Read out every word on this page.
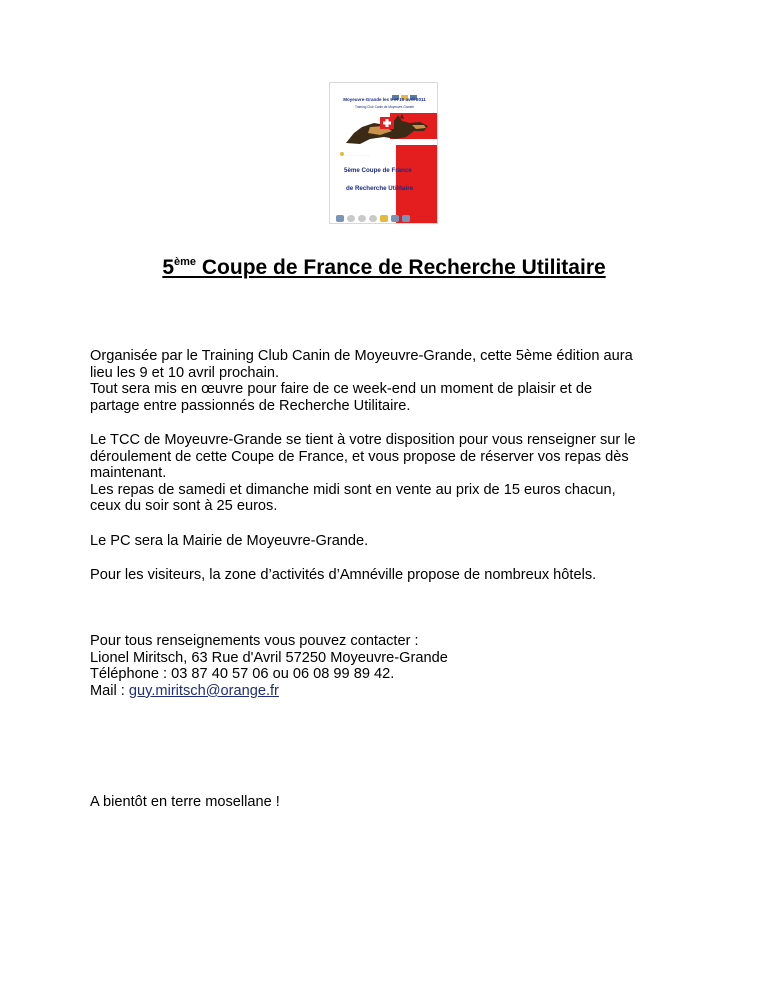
Moyeuvre-Grande les 9 et 10 avril 2011
Training Club Canin de Moyeuvre-Grande
· · · · · · · · · · · · · ·
5ème Coupe de France
de Recherche Utilitaire
5ème Coupe de France de Recherche Utilitaire

Organisée par le Training Club Canin de Moyeuvre-Grande, cette 5ème édition aura

lieu les 9 et 10 avril prochain.

Tout sera mis en œuvre pour faire de ce week-end un moment de plaisir et de

partage entre passionnés de Recherche Utilitaire.

Le TCC de Moyeuvre-Grande se tient à votre disposition pour vous renseigner sur le

déroulement de cette Coupe de France, et vous propose de réserver vos repas dès

maintenant.

Les repas de samedi et dimanche midi sont en vente au prix de 15 euros chacun,

ceux du soir sont à 25 euros.

Le PC sera la Mairie de Moyeuvre-Grande.

Pour les visiteurs, la zone d’activités d’Amnéville propose de nombreux hôtels.

Pour tous renseignements vous pouvez contacter :

Lionel Miritsch, 63 Rue d'Avril 57250 Moyeuvre-Grande

Téléphone : 03 87 40 57 06 ou 06 08 99 89 42.

Mail : guy.miritsch@orange.fr

A bientôt en terre mosellane !
